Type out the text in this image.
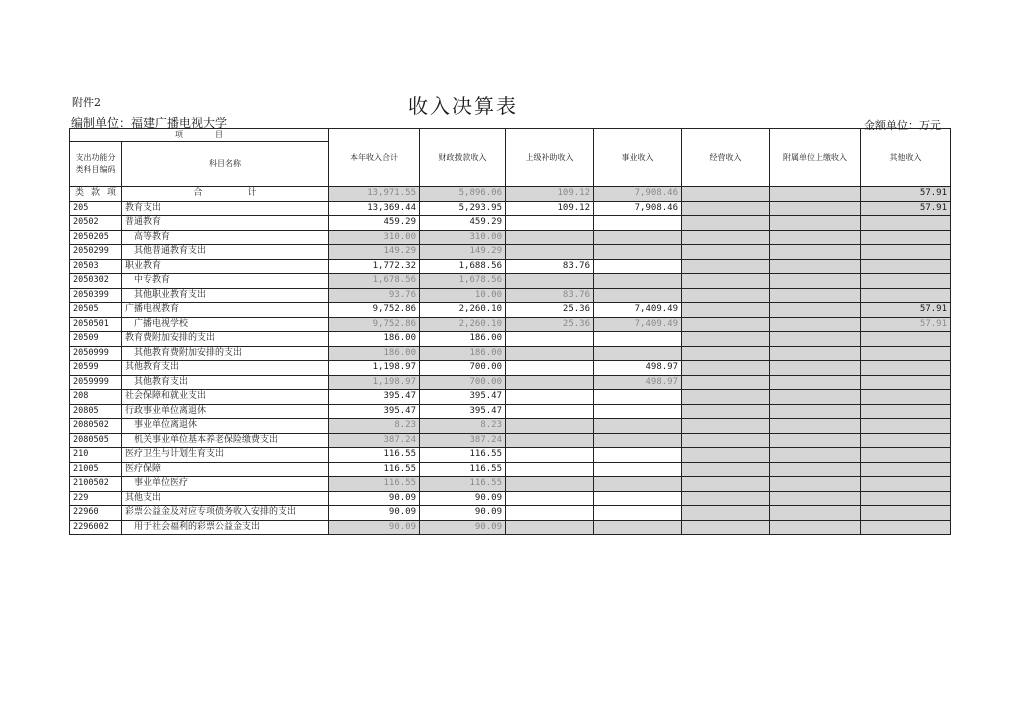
附件2	收入决算表
编制单位：福建广播电视大学	金额单位：万元
项　　　　目		本年收入合计	财政拨款收入	上级补助收入	事业收入	经营收入	附属单位上缴收入	其他收入
支出功能分类科目编码	科目名称							

类 款 项	合　　　　　计	13,971.55	5,896.06	109.12	7,908.46			57.91
205	教育支出	13,369.44	5,293.95	109.12	7,908.46			57.91
20502	普通教育	459.29	459.29					
2050205	高等教育	310.00	310.00					
2050299	其他普通教育支出	149.29	149.29					
20503	职业教育	1,772.32	1,688.56	83.76				
2050302	中专教育	1,678.56	1,678.56					
2050399	其他职业教育支出	93.76	10.00	83.76				
20505	广播电视教育	9,752.86	2,260.10	25.36	7,409.49			57.91
2050501	广播电视学校	9,752.86	2,260.10	25.36	7,409.49			57.91
20509	教育费附加安排的支出	186.00	186.00					
2050999	其他教育费附加安排的支出	186.00	186.00					
20599	其他教育支出	1,198.97	700.00		498.97			
2059999	其他教育支出	1,198.97	700.00		498.97			
208	社会保障和就业支出	395.47	395.47					
20805	行政事业单位离退休	395.47	395.47					
2080502	事业单位离退休	8.23	8.23					
2080505	机关事业单位基本养老保险缴费支出	387.24	387.24					
210	医疗卫生与计划生育支出	116.55	116.55					
21005	医疗保障	116.55	116.55					
2100502	事业单位医疗	116.55	116.55					
229	其他支出	90.09	90.09					
22960	彩票公益金及对应专项债务收入安排的支出	90.09	90.09					
2296002	用于社会福利的彩票公益金支出	90.09	90.09					
